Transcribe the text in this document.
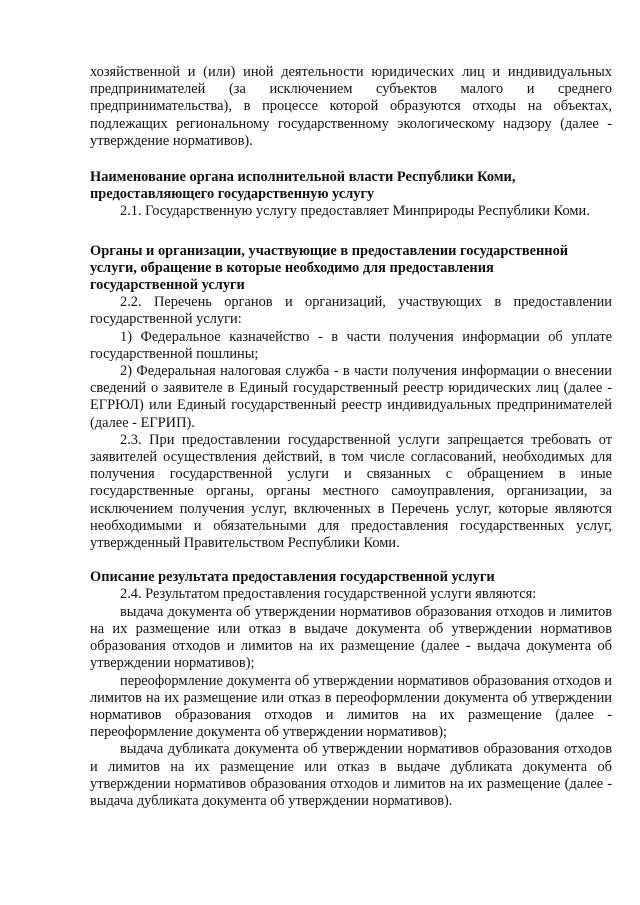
хозяйственной и (или) иной деятельности юридических лиц и индивидуальных предпринимателей (за исключением субъектов малого и среднего предпринимательства), в процессе которой образуются отходы на объектах, подлежащих региональному государственному экологическому надзору (далее - утверждение нормативов).

Наименование органа исполнительной власти Республики Коми,

предоставляющего государственную услугу

2.1. Государственную услугу предоставляет Минприроды Республики Коми.

Органы и организации, участвующие в предоставлении государственной

услуги, обращение в которые необходимо для предоставления

государственной услуги

2.2. Перечень органов и организаций, участвующих в предоставлении государственной услуги:

1) Федеральное казначейство - в части получения информации об уплате государственной пошлины;

2) Федеральная налоговая служба - в части получения информации о внесении сведений о заявителе в Единый государственный реестр юридических лиц (далее - ЕГРЮЛ) или Единый государственный реестр индивидуальных предпринимателей (далее - ЕГРИП).

2.3. При предоставлении государственной услуги запрещается требовать от заявителей осуществления действий, в том числе согласований, необходимых для получения государственной услуги и связанных с обращением в иные государственные органы, органы местного самоуправления, организации, за исключением получения услуг, включенных в Перечень услуг, которые являются необходимыми и обязательными для предоставления государственных услуг, утвержденный Правительством Республики Коми.

Описание результата предоставления государственной услуги

2.4. Результатом предоставления государственной услуги являются:

выдача документа об утверждении нормативов образования отходов и лимитов на их размещение или отказ в выдаче документа об утверждении нормативов образования отходов и лимитов на их размещение (далее - выдача документа об утверждении нормативов);

переоформление документа об утверждении нормативов образования отходов и лимитов на их размещение или отказ в переоформлении документа об утверждении нормативов образования отходов и лимитов на их размещение (далее - переоформление документа об утверждении нормативов);

выдача дубликата документа об утверждении нормативов образования отходов и лимитов на их размещение или отказ в выдаче дубликата документа об утверждении нормативов образования отходов и лимитов на их размещение (далее - выдача дубликата документа об утверждении нормативов).
